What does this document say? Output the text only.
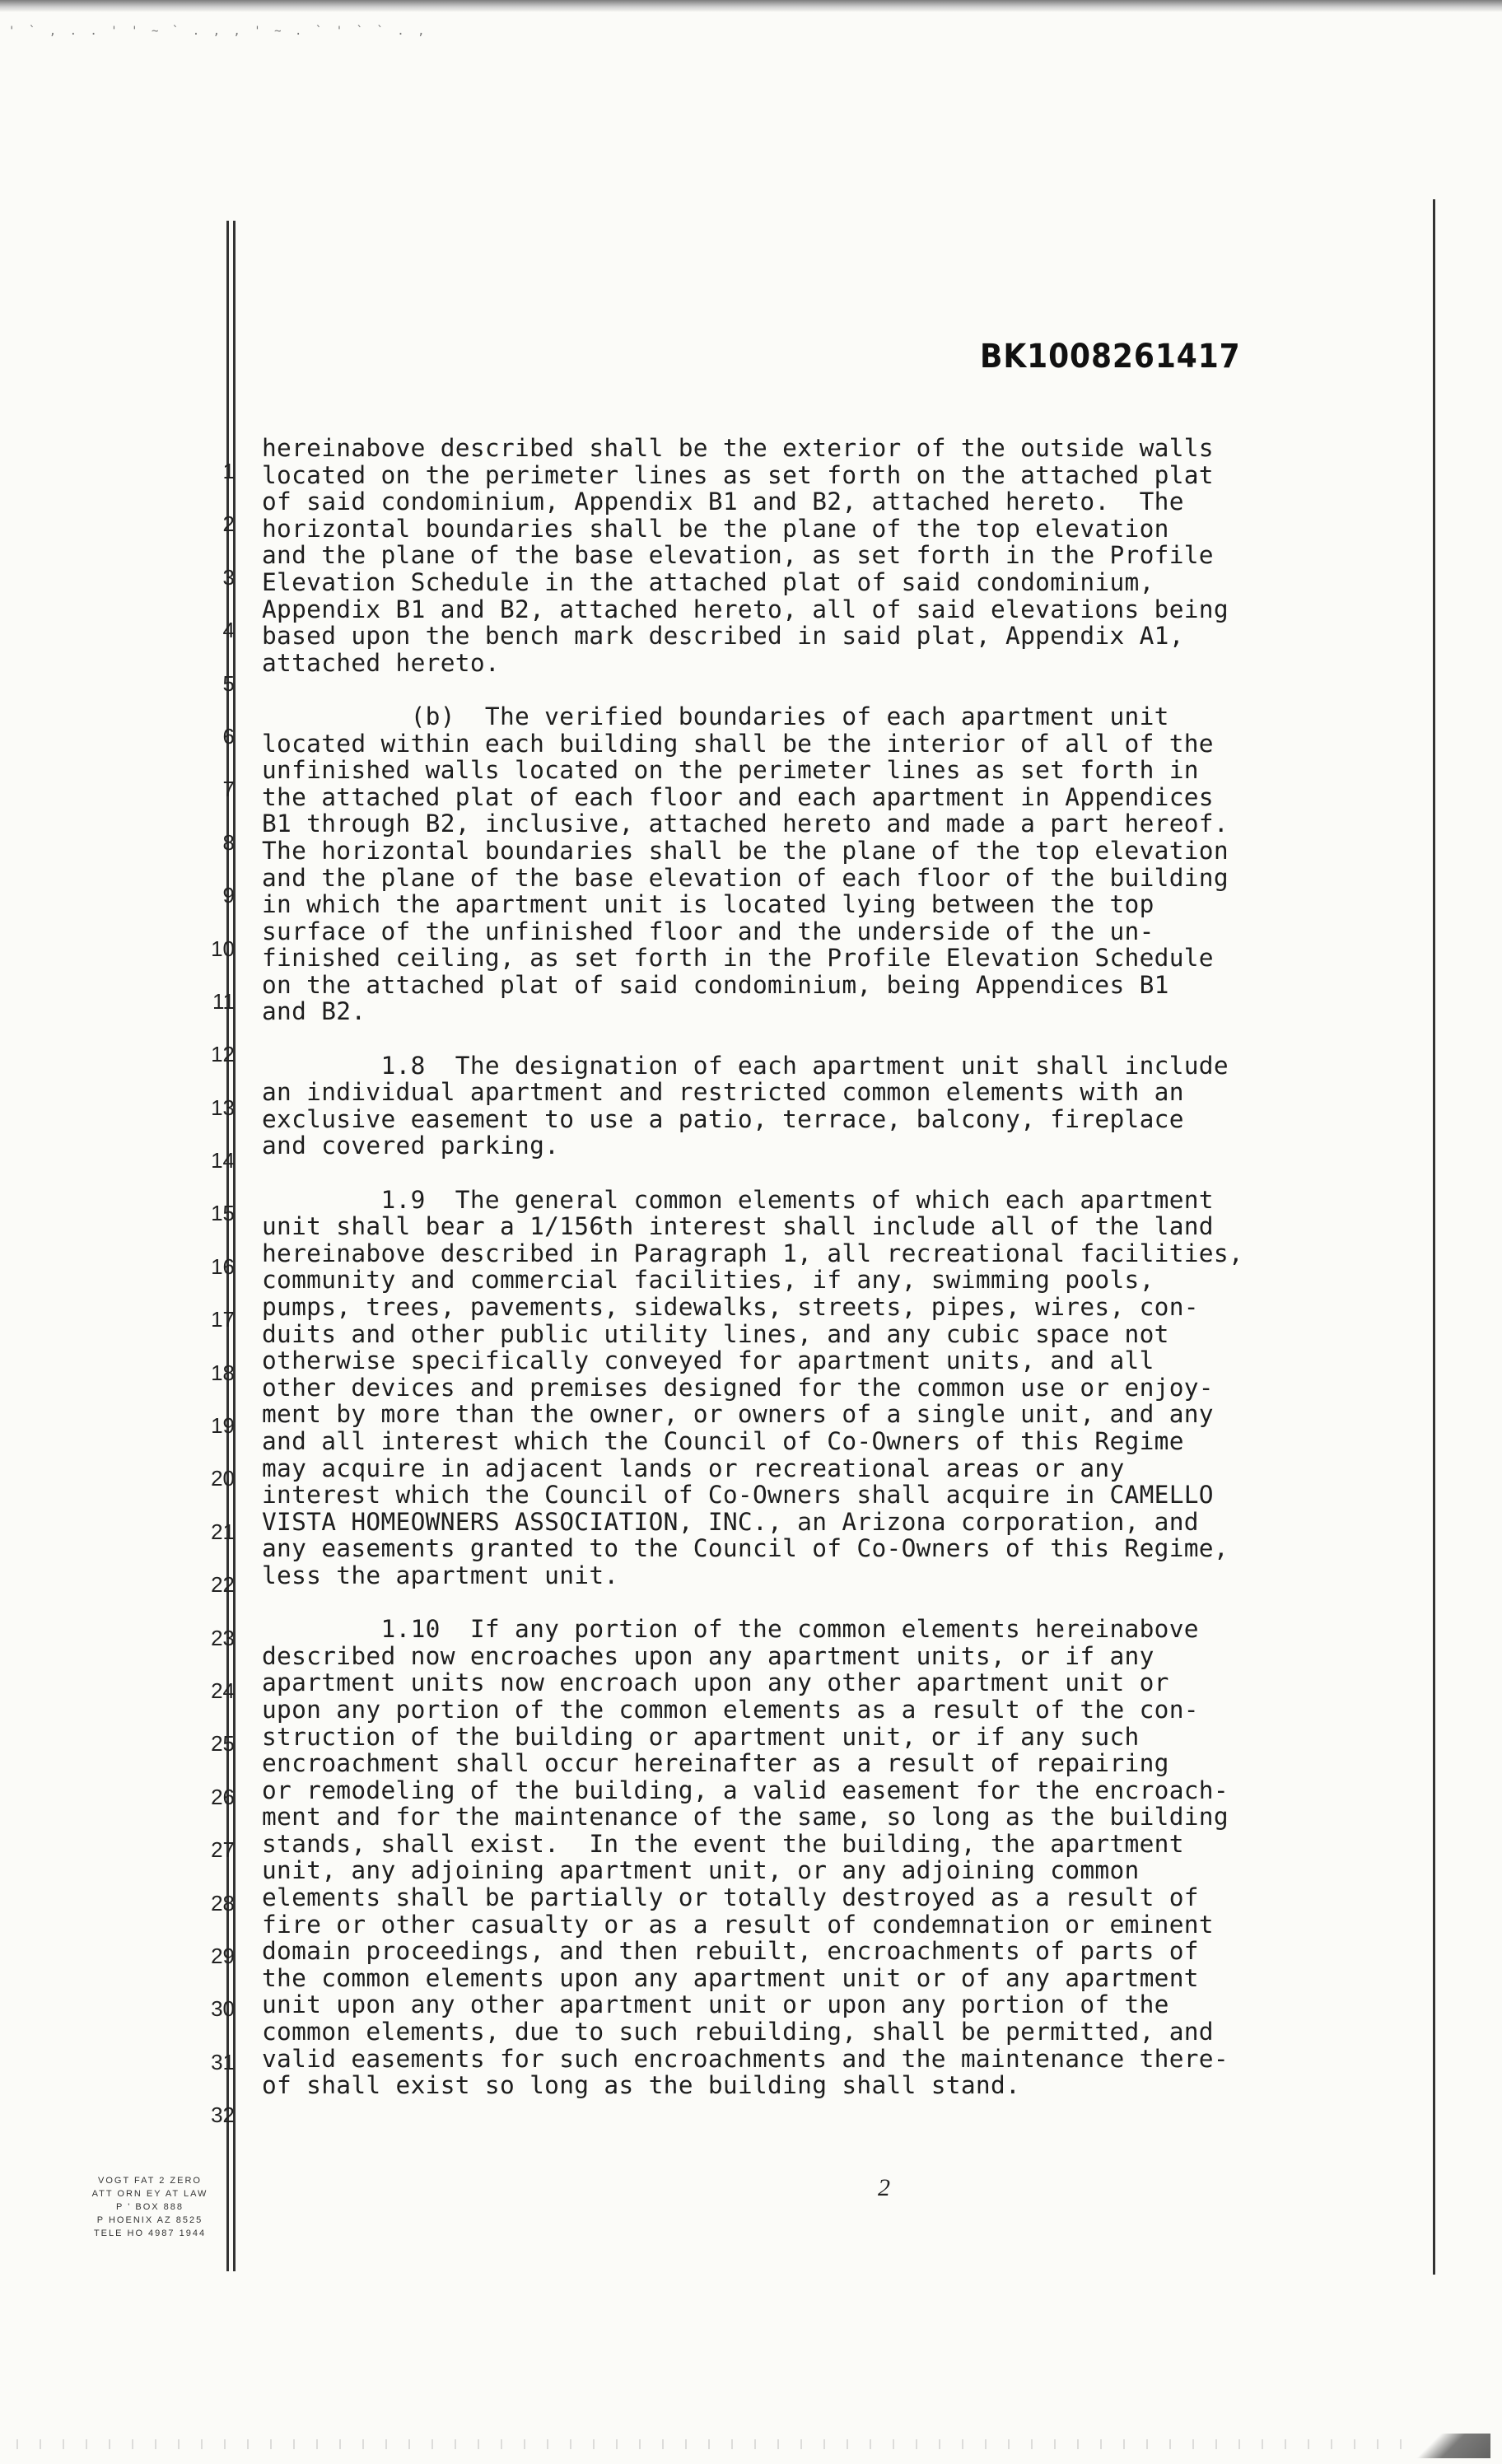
' ` , . . ' ' ~ ` . , , ' ~ . ` ' ` ` . ,
BK1008261417
1
2
3
4
5
6
7
8
9
10
11
12
13
14
15
16
17
18
19
20
21
22
23
24
25
26
27
28
29
30
31
32
hereinabove described shall be the exterior of the outside walls
located on the perimeter lines as set forth on the attached plat
of said condominium, Appendix B1 and B2, attached hereto.  The
horizontal boundaries shall be the plane of the top elevation
and the plane of the base elevation, as set forth in the Profile
Elevation Schedule in the attached plat of said condominium,
Appendix B1 and B2, attached hereto, all of said elevations being
based upon the bench mark described in said plat, Appendix A1,
attached hereto.
(b)  The verified boundaries of each apartment unit
located within each building shall be the interior of all of the
unfinished walls located on the perimeter lines as set forth in
the attached plat of each floor and each apartment in Appendices
B1 through B2, inclusive, attached hereto and made a part hereof.
The horizontal boundaries shall be the plane of the top elevation
and the plane of the base elevation of each floor of the building
in which the apartment unit is located lying between the top
surface of the unfinished floor and the underside of the un-
finished ceiling, as set forth in the Profile Elevation Schedule
on the attached plat of said condominium, being Appendices B1
and B2.
1.8  The designation of each apartment unit shall include
an individual apartment and restricted common elements with an
exclusive easement to use a patio, terrace, balcony, fireplace
and covered parking.
1.9  The general common elements of which each apartment
unit shall bear a 1/156th interest shall include all of the land
hereinabove described in Paragraph 1, all recreational facilities,
community and commercial facilities, if any, swimming pools,
pumps, trees, pavements, sidewalks, streets, pipes, wires, con-
duits and other public utility lines, and any cubic space not
otherwise specifically conveyed for apartment units, and all
other devices and premises designed for the common use or enjoy-
ment by more than the owner, or owners of a single unit, and any
and all interest which the Council of Co-Owners of this Regime
may acquire in adjacent lands or recreational areas or any
interest which the Council of Co-Owners shall acquire in CAMELLO
VISTA HOMEOWNERS ASSOCIATION, INC., an Arizona corporation, and
any easements granted to the Council of Co-Owners of this Regime,
less the apartment unit.
1.10  If any portion of the common elements hereinabove
described now encroaches upon any apartment units, or if any
apartment units now encroach upon any other apartment unit or
upon any portion of the common elements as a result of the con-
struction of the building or apartment unit, or if any such
encroachment shall occur hereinafter as a result of repairing
or remodeling of the building, a valid easement for the encroach-
ment and for the maintenance of the same, so long as the building
stands, shall exist.  In the event the building, the apartment
unit, any adjoining apartment unit, or any adjoining common
elements shall be partially or totally destroyed as a result of
fire or other casualty or as a result of condemnation or eminent
domain proceedings, and then rebuilt, encroachments of parts of
the common elements upon any apartment unit or of any apartment
unit upon any other apartment unit or upon any portion of the
common elements, due to such rebuilding, shall be permitted, and
valid easements for such encroachments and the maintenance there-
of shall exist so long as the building shall stand.
VOGT FAT 2 ZERO
ATT ORN EY AT LAW
P ' BOX 888
P HOENIX AZ 8525
TELE HO 4987 1944
2
